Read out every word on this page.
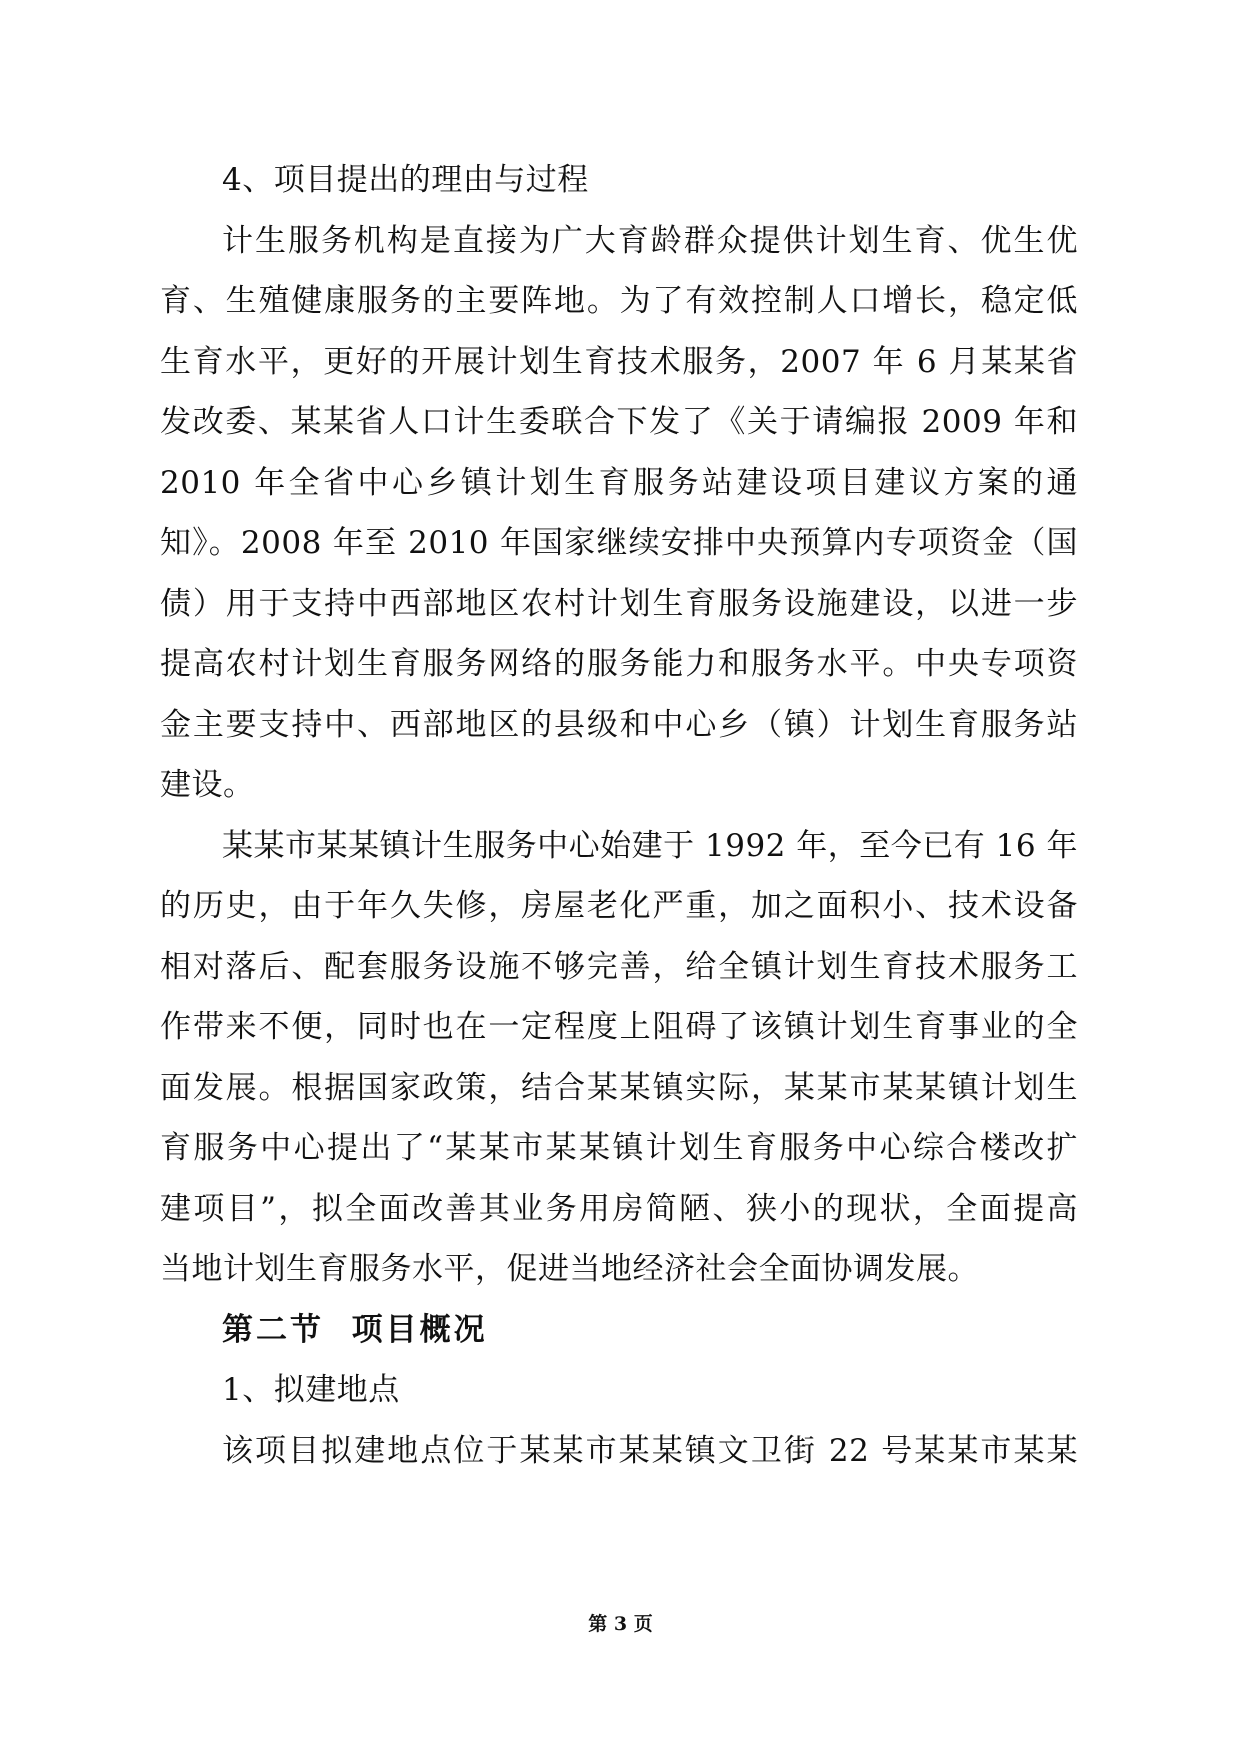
4、项目提出的理由与过程
计生服务机构是直接为广大育龄群众提供计划生育、优生优
育、生殖健康服务的主要阵地。为了有效控制人口增长，稳定低
生育水平，更好的开展计划生育技术服务，2007 年 6 月某某省
发改委、某某省人口计生委联合下发了《关于请编报 2009 年和
2010 年全省中心乡镇计划生育服务站建设项目建议方案的通
知》。2008 年至 2010 年国家继续安排中央预算内专项资金（国
债）用于支持中西部地区农村计划生育服务设施建设，以进一步
提高农村计划生育服务网络的服务能力和服务水平。中央专项资
金主要支持中、西部地区的县级和中心乡（镇）计划生育服务站
建设。
某某市某某镇计生服务中心始建于 1992 年，至今已有 16 年
的历史，由于年久失修，房屋老化严重，加之面积小、技术设备
相对落后、配套服务设施不够完善，给全镇计划生育技术服务工
作带来不便，同时也在一定程度上阻碍了该镇计划生育事业的全
面发展。根据国家政策，结合某某镇实际，某某市某某镇计划生
育服务中心提出了“某某市某某镇计划生育服务中心综合楼改扩
建项目”，拟全面改善其业务用房简陋、狭小的现状，全面提高
当地计划生育服务水平，促进当地经济社会全面协调发展。
第二节  项目概况
1、拟建地点
该项目拟建地点位于某某市某某镇文卫街 22 号某某市某某
第 3 页
